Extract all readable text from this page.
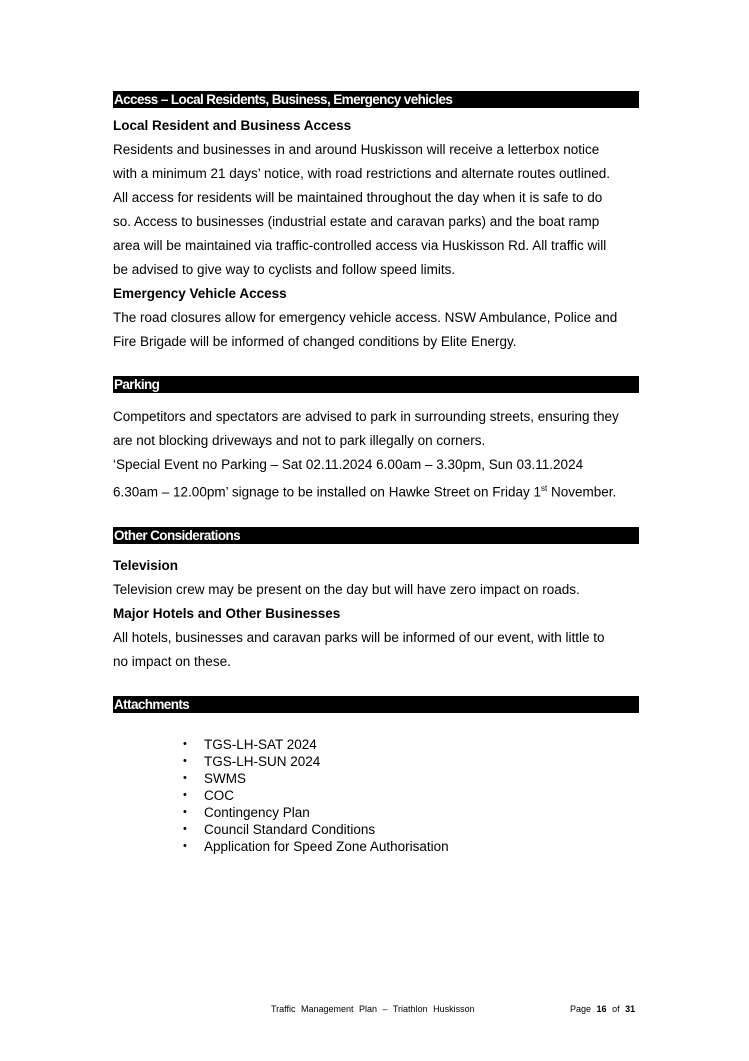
Access – Local Residents, Business, Emergency vehicles

Local Resident and Business Access

Residents and businesses in and around Huskisson will receive a letterbox notice
with a minimum 21 days’ notice, with road restrictions and alternate routes outlined.
All access for residents will be maintained throughout the day when it is safe to do
so. Access to businesses (industrial estate and caravan parks) and the boat ramp
area will be maintained via traffic-controlled access via Huskisson Rd. All traffic will
be advised to give way to cyclists and follow speed limits.

Emergency Vehicle Access

The road closures allow for emergency vehicle access. NSW Ambulance, Police and
Fire Brigade will be informed of changed conditions by Elite Energy.

Parking

Competitors and spectators are advised to park in surrounding streets, ensuring they
are not blocking driveways and not to park illegally on corners.
‘Special Event no Parking – Sat 02.11.2024 6.00am – 3.30pm, Sun 03.11.2024
6.30am – 12.00pm’ signage to be installed on Hawke Street on Friday 1st November.

Other Considerations

Television

Television crew may be present on the day but will have zero impact on roads.

Major Hotels and Other Businesses

All hotels, businesses and caravan parks will be informed of our event, with little to
no impact on these.

Attachments
• TGS-LH-SAT 2024
• TGS-LH-SUN 2024
• SWMS
• COC
• Contingency Plan
• Council Standard Conditions
• Application for Speed Zone Authorisation
Traffic Management Plan – Triathlon Huskisson	Page 16 of 31
